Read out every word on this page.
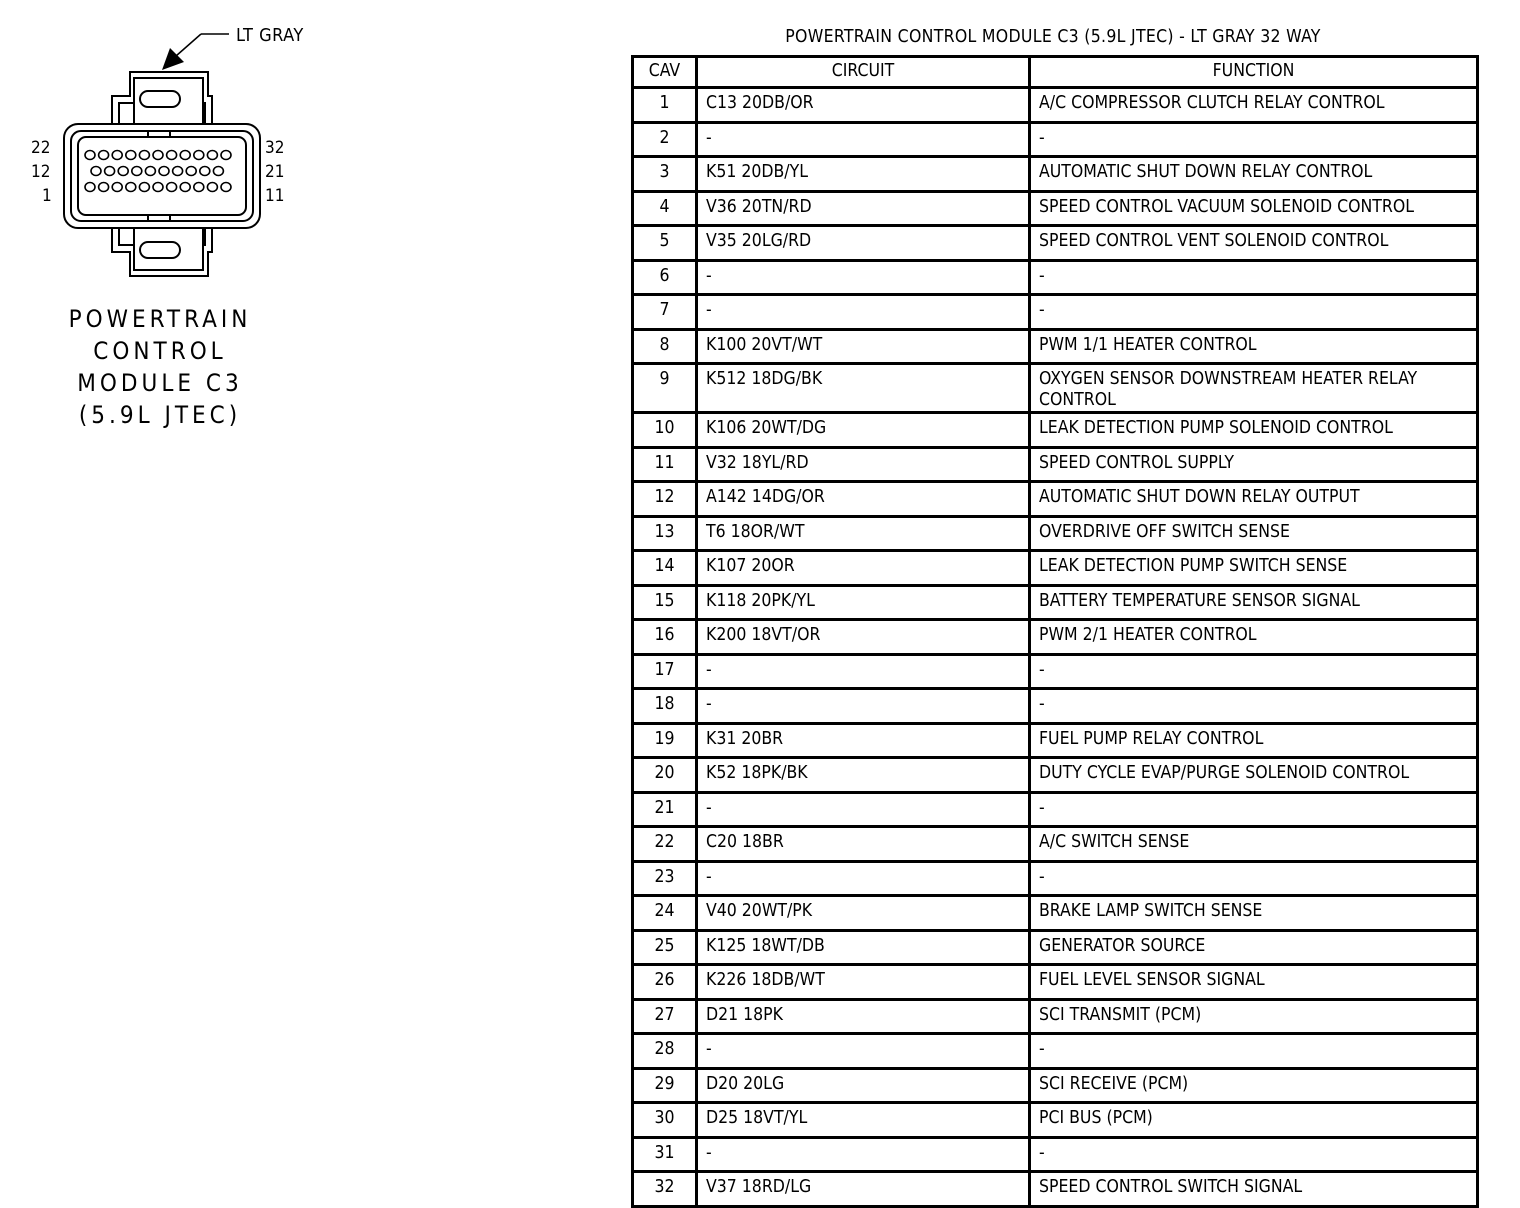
22
12
1
32
21
11
LT GRAY
POWERTRAIN
CONTROL
MODULE C3
(5.9L JTEC)
POWERTRAIN CONTROL MODULE C3 (5.9L JTEC) - LT GRAY 32 WAY
CAV	CIRCUIT	FUNCTION
1	C13 20DB/OR	A/C COMPRESSOR CLUTCH RELAY CONTROL
2	-	-
3	K51 20DB/YL	AUTOMATIC SHUT DOWN RELAY CONTROL
4	V36 20TN/RD	SPEED CONTROL VACUUM SOLENOID CONTROL
5	V35 20LG/RD	SPEED CONTROL VENT SOLENOID CONTROL
6	-	-
7	-	-
8	K100 20VT/WT	PWM 1/1 HEATER CONTROL
9	K512 18DG/BK	OXYGEN SENSOR DOWNSTREAM HEATER RELAY CONTROL
10	K106 20WT/DG	LEAK DETECTION PUMP SOLENOID CONTROL
11	V32 18YL/RD	SPEED CONTROL SUPPLY
12	A142 14DG/OR	AUTOMATIC SHUT DOWN RELAY OUTPUT
13	T6 18OR/WT	OVERDRIVE OFF SWITCH SENSE
14	K107 20OR	LEAK DETECTION PUMP SWITCH SENSE
15	K118 20PK/YL	BATTERY TEMPERATURE SENSOR SIGNAL
16	K200 18VT/OR	PWM 2/1 HEATER CONTROL
17	-	-
18	-	-
19	K31 20BR	FUEL PUMP RELAY CONTROL
20	K52 18PK/BK	DUTY CYCLE EVAP/PURGE SOLENOID CONTROL
21	-	-
22	C20 18BR	A/C SWITCH SENSE
23	-	-
24	V40 20WT/PK	BRAKE LAMP SWITCH SENSE
25	K125 18WT/DB	GENERATOR SOURCE
26	K226 18DB/WT	FUEL LEVEL SENSOR SIGNAL
27	D21 18PK	SCI TRANSMIT (PCM)
28	-	-
29	D20 20LG	SCI RECEIVE (PCM)
30	D25 18VT/YL	PCI BUS (PCM)
31	-	-
32	V37 18RD/LG	SPEED CONTROL SWITCH SIGNAL
